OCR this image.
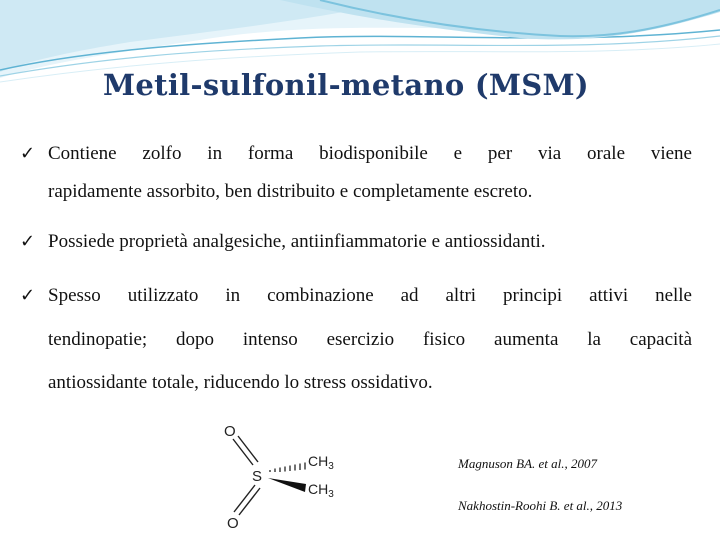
Metil-sulfonil-metano (MSM)
✓ Contiene zolfo in forma biodisponibile e per via orale viene
rapidamente assorbito, ben distribuito e completamente escreto.
✓ Possiede proprietà analgesiche, antiinfiammatorie e antiossidanti.
✓ Spesso utilizzato in combinazione ad altri principi attivi nelle
tendinopatie; dopo intenso esercizio fisico aumenta la capacità
antiossidante totale, riducendo lo stress ossidativo.
O
S
O
$CH_3$
$CH_3$
Magnuson BA. et al., 2007
Nakhostin-Roohi B. et al., 2013
